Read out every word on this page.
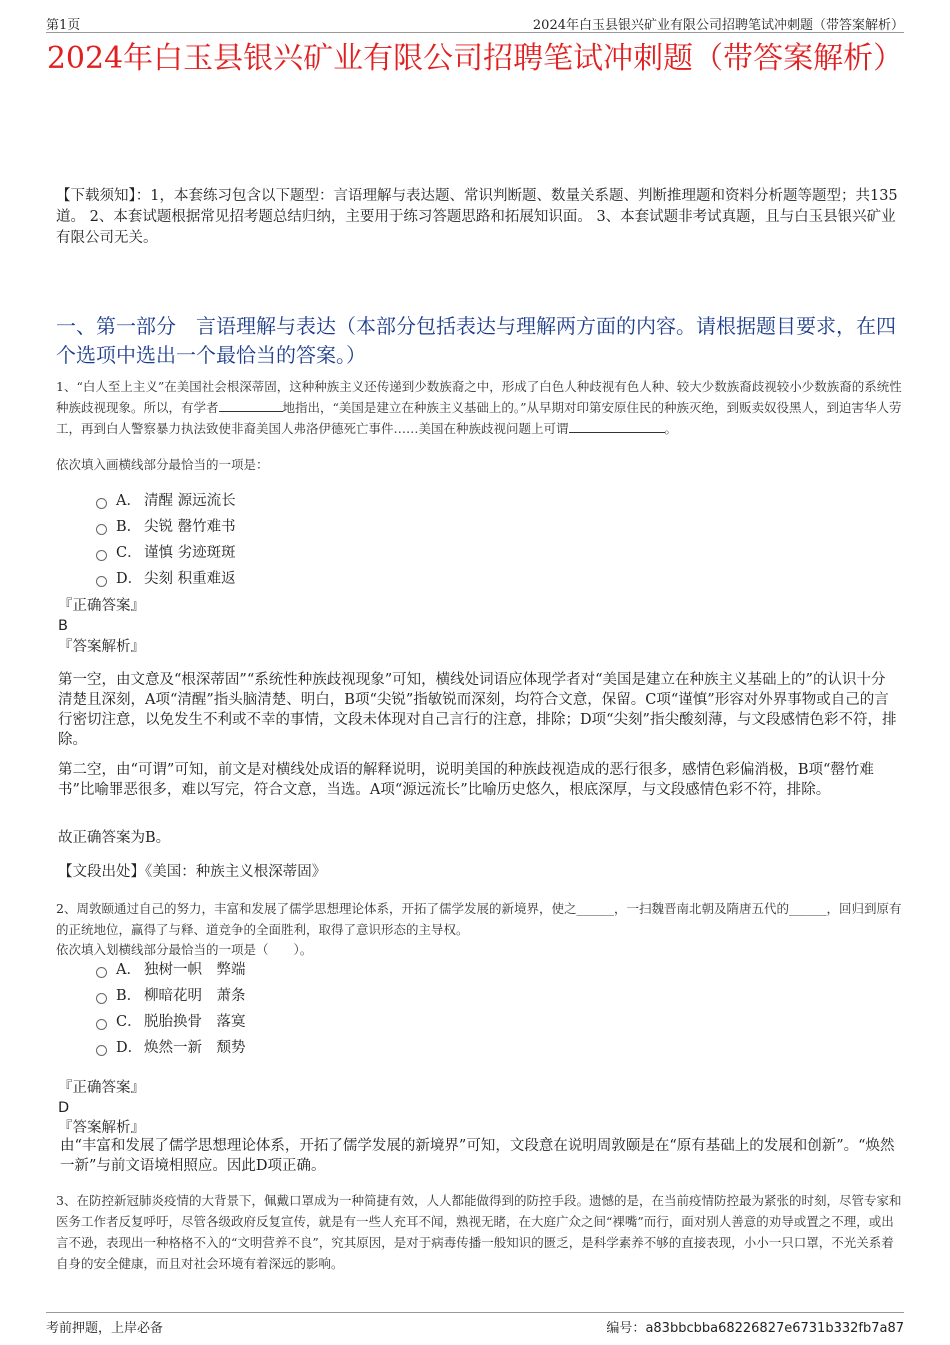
第1页	2024年白玉县银兴矿业有限公司招聘笔试冲刺题（带答案解析）
2024年白玉县银兴矿业有限公司招聘笔试冲刺题（带答案解析）
【下载须知】：1，本套练习包含以下题型：言语理解与表达题、常识判断题、数量关系题、判断推理题和资料分析题等题型；共135道。 2、本套试题根据常见招考题总结归纳，主要用于练习答题思路和拓展知识面。 3、本套试题非考试真题，且与白玉县银兴矿业有限公司无关。
一、第一部分　言语理解与表达（本部分包括表达与理解两方面的内容。请根据题目要求，在四个选项中选出一个最恰当的答案。）
1、“白人至上主义”在美国社会根深蒂固，这种种族主义还传递到少数族裔之中，形成了白色人种歧视有色人种、较大少数族裔歧视较小少数族裔的系统性种族歧视现象。所以，有学者	地指出，“美国是建立在种族主义基础上的。”从早期对印第安原住民的种族灭绝，到贩卖奴役黑人，到迫害华人劳工，再到白人警察暴力执法致使非裔美国人弗洛伊德死亡事件……美国在种族歧视问题上可谓	。
依次填入画横线部分最恰当的一项是：
A． 清醒 源远流长
B． 尖锐 罄竹难书
C． 谨慎 劣迹斑斑
D． 尖刻 积重难返
『正确答案』
B
『答案解析』
第一空，由文意及“根深蒂固”“系统性种族歧视现象”可知，横线处词语应体现学者对“美国是建立在种族主义基础上的”的认识十分清楚且深刻，A项“清醒”指头脑清楚、明白，B项“尖锐”指敏锐而深刻，均符合文意，保留。C项“谨慎”形容对外界事物或自己的言行密切注意，以免发生不利或不幸的事情，文段未体现对自己言行的注意，排除；D项“尖刻”指尖酸刻薄，与文段感情色彩不符，排除。
第二空，由“可谓”可知，前文是对横线处成语的解释说明，说明美国的种族歧视造成的恶行很多，感情色彩偏消极，B项“罄竹难书”比喻罪恶很多，难以写完，符合文意，当选。A项“源远流长”比喻历史悠久，根底深厚，与文段感情色彩不符，排除。
故正确答案为B。
【文段出处】《美国：种族主义根深蒂固》
2、周敦颐通过自己的努力，丰富和发展了儒学思想理论体系，开拓了儒学发展的新境界，使之______，一扫魏晋南北朝及隋唐五代的______，回归到原有的正统地位，赢得了与释、道竞争的全面胜利，取得了意识形态的主导权。
依次填入划横线部分最恰当的一项是（　　）。
A． 独树一帜　弊端
B． 柳暗花明　萧条
C． 脱胎换骨　落寞
D． 焕然一新　颓势
『正确答案』
D
『答案解析』
由“丰富和发展了儒学思想理论体系，开拓了儒学发展的新境界”可知，文段意在说明周敦颐是在“原有基础上的发展和创新”。“焕然一新”与前文语境相照应。因此D项正确。
3、在防控新冠肺炎疫情的大背景下，佩戴口罩成为一种简捷有效，人人都能做得到的防控手段。遗憾的是，在当前疫情防控最为紧张的时刻，尽管专家和医务工作者反复呼吁，尽管各级政府反复宣传，就是有一些人充耳不闻，熟视无睹，在大庭广众之间“裸嘴”而行，面对别人善意的劝导或置之不理，或出言不逊，表现出一种格格不入的“文明营养不良”，究其原因，是对于病毒传播一般知识的匮乏，是科学素养不够的直接表现，小小一只口罩，不光关系着自身的安全健康，而且对社会环境有着深远的影响。
考前押题，上岸必备	编号：a83bbcbba68226827e6731b332fb7a87
